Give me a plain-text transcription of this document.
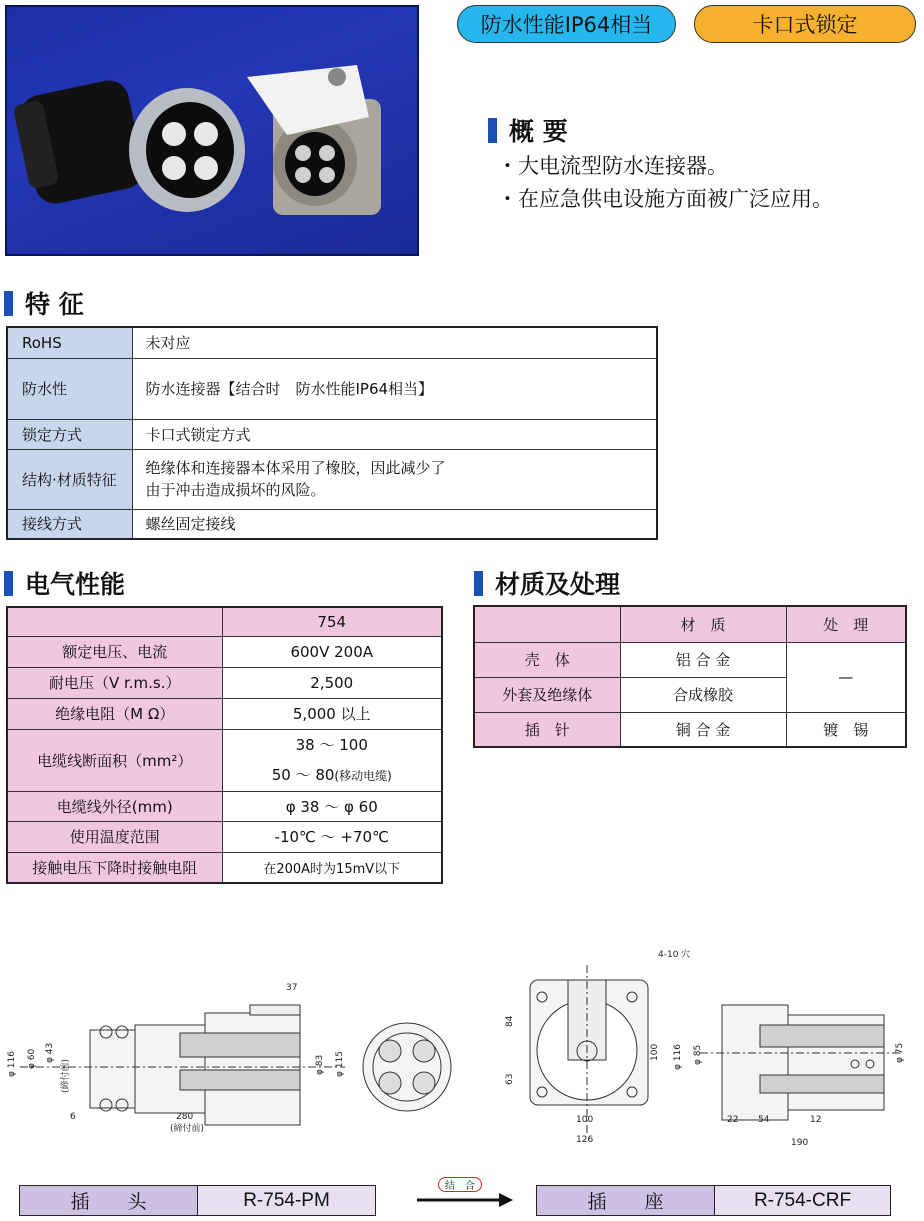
防水性能IP64相当	卡口式锁定
概 要
・ 大电流型防水连接器。
・ 在应急供电设施方面被广泛应用。
特 征
RoHS	未对应
防水性	防水连接器【结合时　防水性能IP64相当】
锁定方式	卡口式锁定方式
结构·材质特征	绝缘体和连接器本体采用了橡胶，因此减少了
由于冲击造成损坏的风险。

接线方式	螺丝固定接线
电气性能
	754
额定电压、电流	600V 200A
耐电压（V r.m.s.）	2,500
绝缘电阻（M Ω）	5,000 以上
电缆线断面积（mm²）	38 ～ 100
50 ～ 80(移动电缆)

电缆线外径(mm)	φ 38 ～ φ 60
使用温度范围	-10℃ ～ +70℃
接触电压下降时接触电阻	在200A时为15mV以下
材质及处理
	材　质	处　理
壳　体	铝 合 金	—
外套及绝缘体	合成橡胶	
插　针	铜 合 金	镀　锡
37
φ 116 φ 60 φ 43
(締付前)	φ 83 φ 115
6	280
(締付前)
4-10 穴
84
63
100
100
126
φ 116 φ 85	φ 75
22 54	12
190
插　　头	R-754-PM
结　合
插　　座	R-754-CRF
